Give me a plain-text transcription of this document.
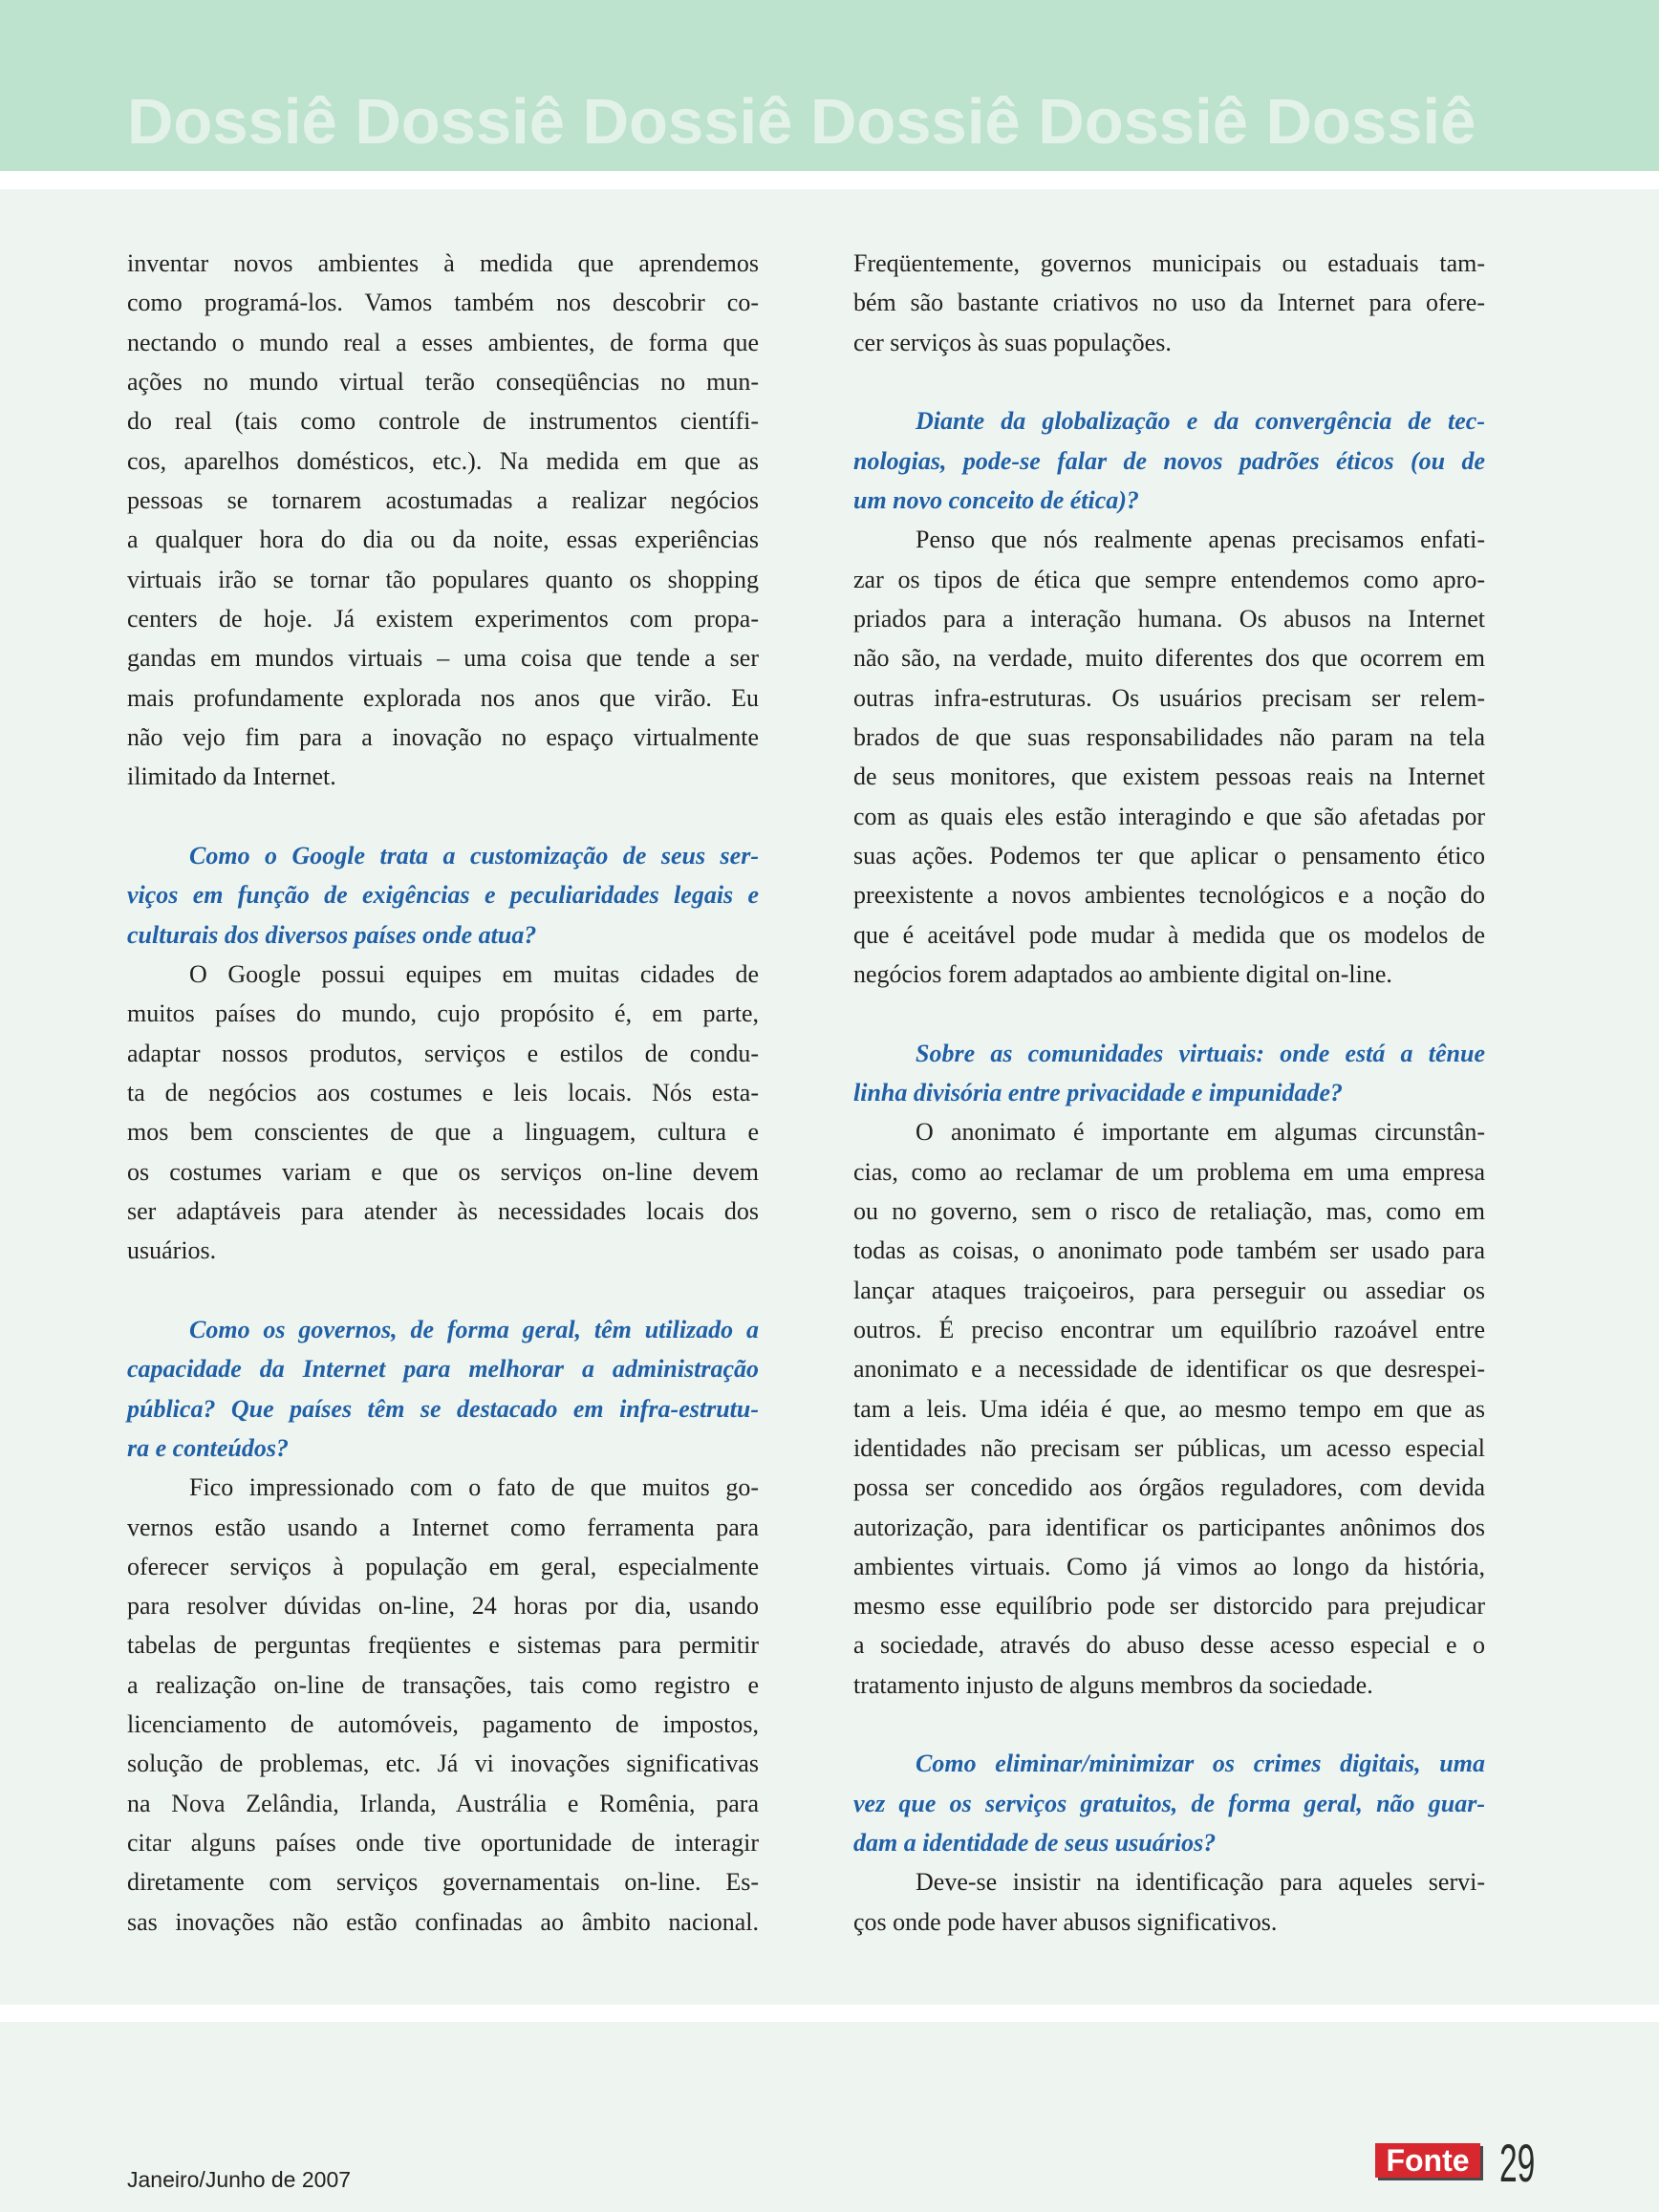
Dossiê Dossiê Dossiê Dossiê Dossiê Dossiê
inventar novos ambientes à medida que aprendemos
como programá-los. Vamos também nos descobrir co-
nectando o mundo real a esses ambientes, de forma que
ações no mundo virtual terão conseqüências no mun-
do real (tais como controle de instrumentos científi-
cos, aparelhos domésticos, etc.). Na medida em que as
pessoas se tornarem acostumadas a realizar negócios
a qualquer hora do dia ou da noite, essas experiências
virtuais irão se tornar tão populares quanto os shopping
centers de hoje. Já existem experimentos com propa-
gandas em mundos virtuais – uma coisa que tende a ser
mais profundamente explorada nos anos que virão. Eu
não vejo fim para a inovação no espaço virtualmente
ilimitado da Internet.
Como o Google trata a customização de seus ser-
viços em função de exigências e peculiaridades legais e
culturais dos diversos países onde atua?
O Google possui equipes em muitas cidades de
muitos países do mundo, cujo propósito é, em parte,
adaptar nossos produtos, serviços e estilos de condu-
ta de negócios aos costumes e leis locais. Nós esta-
mos bem conscientes de que a linguagem, cultura e
os costumes variam e que os serviços on-line devem
ser adaptáveis para atender às necessidades locais dos
usuários.
Como os governos, de forma geral, têm utilizado a
capacidade da Internet para melhorar a administração
pública? Que países têm se destacado em infra-estrutu-
ra e conteúdos?
Fico impressionado com o fato de que muitos go-
vernos estão usando a Internet como ferramenta para
oferecer serviços à população em geral, especialmente
para resolver dúvidas on-line, 24 horas por dia, usando
tabelas de perguntas freqüentes e sistemas para permitir
a realização on-line de transações, tais como registro e
licenciamento de automóveis, pagamento de impostos,
solução de problemas, etc. Já vi inovações significativas
na Nova Zelândia, Irlanda, Austrália e Romênia, para
citar alguns países onde tive oportunidade de interagir
diretamente com serviços governamentais on-line. Es-
sas inovações não estão confinadas ao âmbito nacional.
Freqüentemente, governos municipais ou estaduais tam-
bém são bastante criativos no uso da Internet para ofere-
cer serviços às suas populações.
Diante da globalização e da convergência de tec-
nologias, pode-se falar de novos padrões éticos (ou de
um novo conceito de ética)?
Penso que nós realmente apenas precisamos enfati-
zar os tipos de ética que sempre entendemos como apro-
priados para a interação humana. Os abusos na Internet
não são, na verdade, muito diferentes dos que ocorrem em
outras infra-estruturas. Os usuários precisam ser relem-
brados de que suas responsabilidades não param na tela
de seus monitores, que existem pessoas reais na Internet
com as quais eles estão interagindo e que são afetadas por
suas ações. Podemos ter que aplicar o pensamento ético
preexistente a novos ambientes tecnológicos e a noção do
que é aceitável pode mudar à medida que os modelos de
negócios forem adaptados ao ambiente digital on-line.
Sobre as comunidades virtuais: onde está a tênue
linha divisória entre privacidade e impunidade?
O anonimato é importante em algumas circunstân-
cias, como ao reclamar de um problema em uma empresa
ou no governo, sem o risco de retaliação, mas, como em
todas as coisas, o anonimato pode também ser usado para
lançar ataques traiçoeiros, para perseguir ou assediar os
outros. É preciso encontrar um equilíbrio razoável entre
anonimato e a necessidade de identificar os que desrespei-
tam a leis. Uma idéia é que, ao mesmo tempo em que as
identidades não precisam ser públicas, um acesso especial
possa ser concedido aos órgãos reguladores, com devida
autorização, para identificar os participantes anônimos dos
ambientes virtuais. Como já vimos ao longo da história,
mesmo esse equilíbrio pode ser distorcido para prejudicar
a sociedade, através do abuso desse acesso especial e o
tratamento injusto de alguns membros da sociedade.
Como eliminar/minimizar os crimes digitais, uma
vez que os serviços gratuitos, de forma geral, não guar-
dam a identidade de seus usuários?
Deve-se insistir na identificação para aqueles servi-
ços onde pode haver abusos significativos.
Janeiro/Junho de 2007
Fonte 29
